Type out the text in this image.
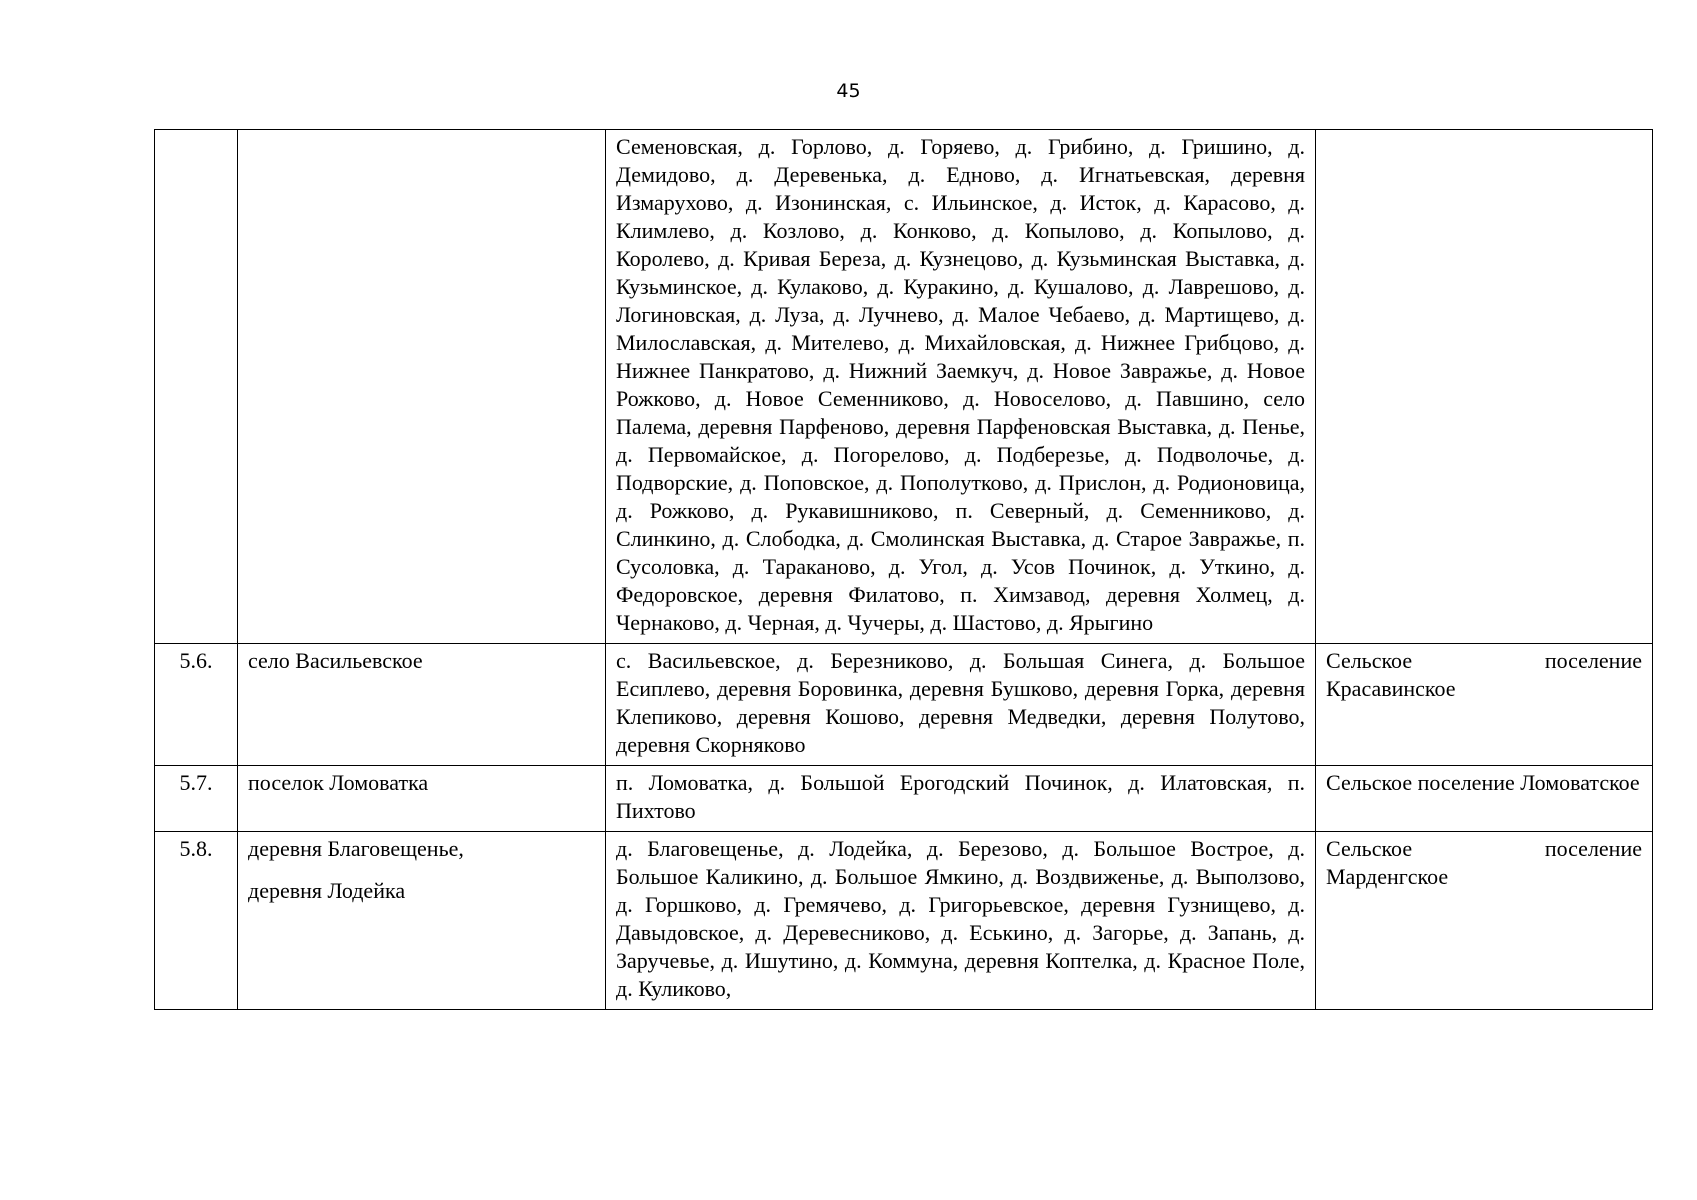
45
		Семеновская, д. Горлово, д. Горяево, д. Грибино, д. Гришино, д. Демидово, д. Деревенька, д. Едново, д. Игнатьевская, деревня Измарухово, д. Изонинская, с. Ильинское, д. Исток, д. Карасово, д. Климлево, д. Козлово, д. Конково, д. Копылово, д. Копылово, д. Королево, д. Кривая Береза, д. Кузнецово, д. Кузьминская Выставка, д. Кузьминское, д. Кулаково, д. Куракино, д. Кушалово, д. Лаврешово, д. Логиновская, д. Луза, д. Лучнево, д. Малое Чебаево, д. Мартищево, д. Милославская, д. Мителево, д. Михайловская, д. Нижнее Грибцово, д. Нижнее Панкратово, д. Нижний Заемкуч, д. Новое Завражье, д. Новое Рожково, д. Новое Семенниково, д. Новоселово, д. Павшино, село Палема, деревня Парфеново, деревня Парфеновская Выставка, д. Пенье, д. Первомайское, д. Погорелово, д. Подберезье, д. Подволочье, д. Подворские, д. Поповское, д. Пополутково, д. Прислон, д. Родионовица, д. Рожково, д. Рукавишниково, п. Северный, д. Семенниково, д. Слинкино, д. Слободка, д. Смолинская Выставка, д. Старое Завражье, п. Сусоловка, д. Тараканово, д. Угол, д. Усов Починок, д. Уткино, д. Федоровское, деревня Филатово, п. Химзавод, деревня Холмец, д. Чернаково, д. Черная, д. Чучеры, д. Шастово, д. Ярыгино	
5.6.	село Васильевское	с. Васильевское, д. Березниково, д. Большая Синега, д. Большое Есиплево, деревня Боровинка, деревня Бушково, деревня Горка, деревня Клепиково, деревня Кошово, деревня Медведки, деревня Полутово, деревня Скорняково	Сельское поселение Красавинское
5.7.	поселок Ломоватка	п. Ломоватка, д. Большой Ерогодский Починок, д. Илатовская, п. Пихтово	Сельское поселение Ломоватское
5.8.	деревня Благовещенье,
деревня Лодейка	д. Благовещенье, д. Лодейка, д. Березово, д. Большое Вострое, д. Большое Каликино, д. Большое Ямкино, д. Воздвиженье, д. Выползово, д. Горшково, д. Гремячево, д. Григорьевское, деревня Гузнищево, д. Давыдовское, д. Деревесниково, д. Еськино, д. Загорье, д. Запань, д. Заручевье, д. Ишутино, д. Коммуна, деревня Коптелка, д. Красное Поле, д. Куликово,	Сельское поселение Марденгское
